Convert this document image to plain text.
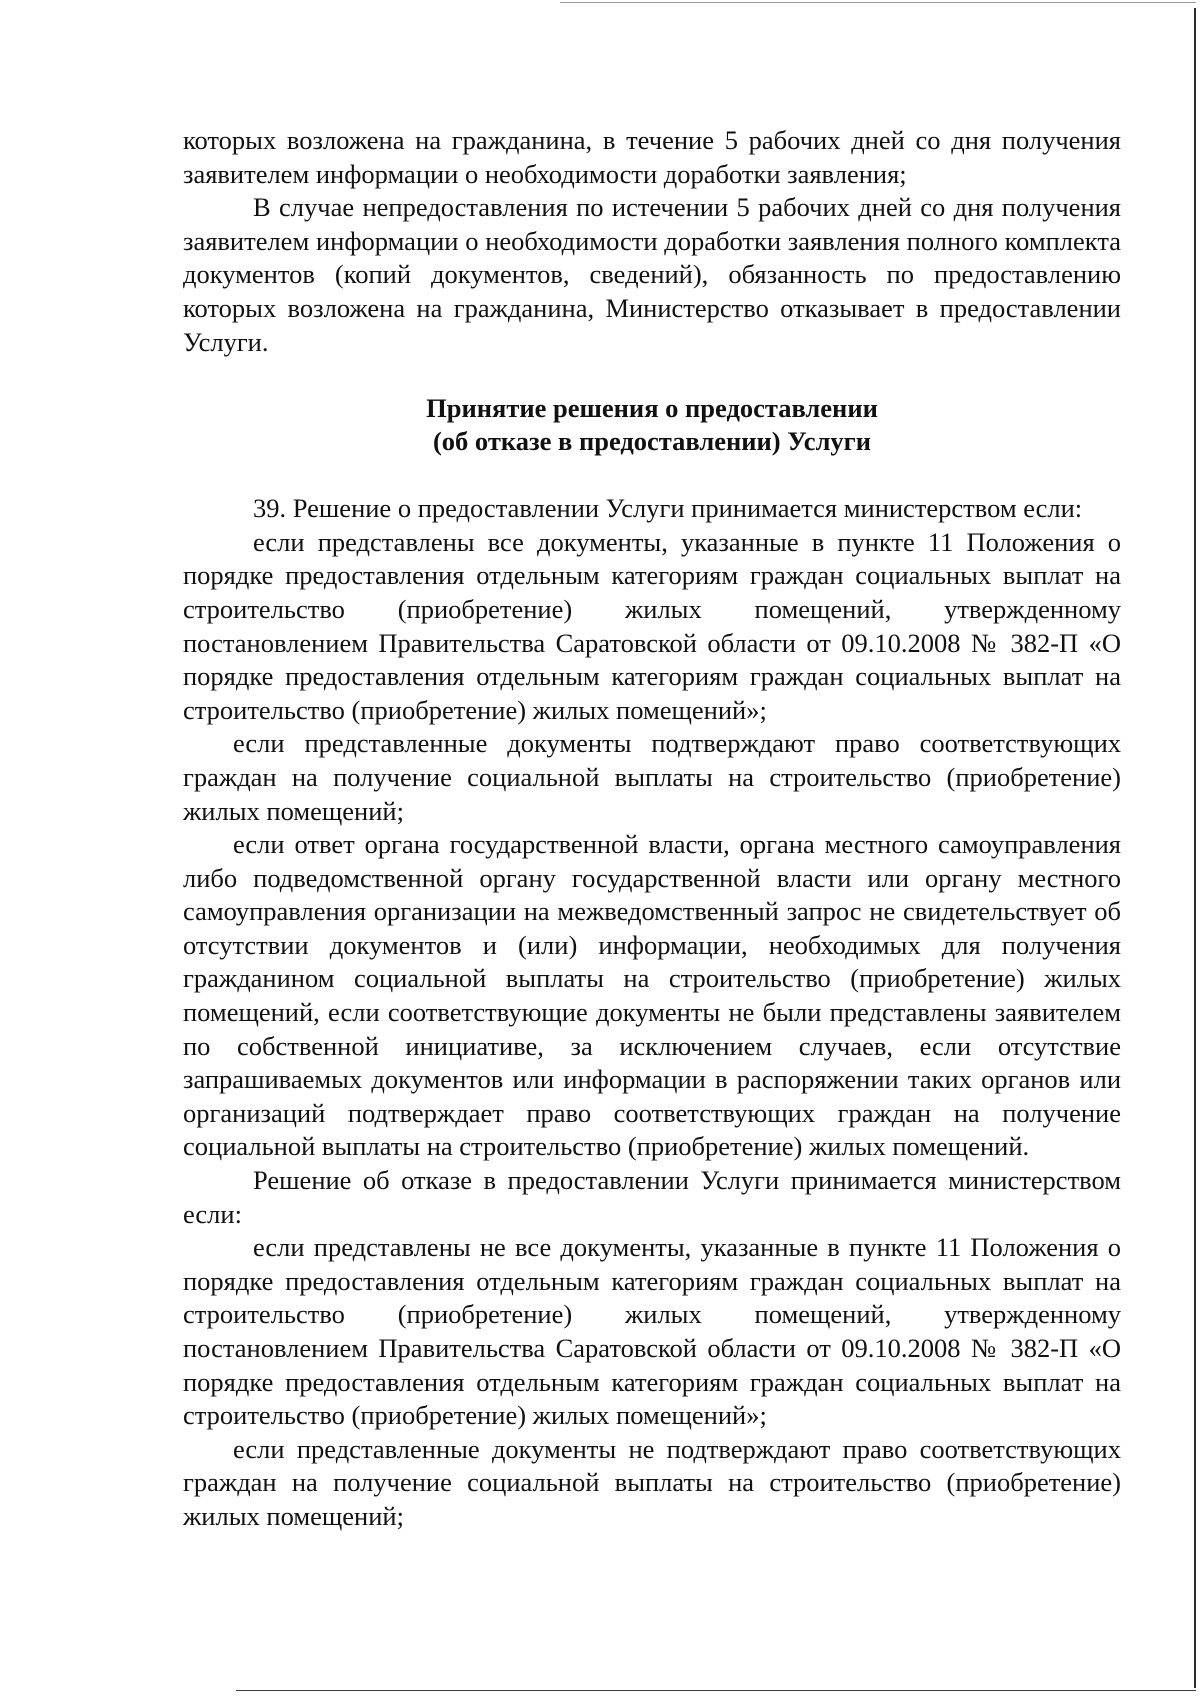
которых возложена на гражданина, в течение 5 рабочих дней со дня получения заявителем информации о необходимости доработки заявления;

В случае непредоставления по истечении 5 рабочих дней со дня получения заявителем информации о необходимости доработки заявления полного комплекта документов (копий документов, сведений), обязанность по предоставлению которых возложена на гражданина, Министерство отказывает в предоставлении Услуги.

Принятие решения о предоставлении
(об отказе в предоставлении) Услуги

39. Решение о предоставлении Услуги принимается министерством если:

если представлены все документы, указанные в пункте 11 Положения о порядке предоставления отдельным категориям граждан социальных выплат на строительство (приобретение) жилых помещений, утвержденному постановлением Правительства Саратовской области от 09.10.2008 № 382-П «О порядке предоставления отдельным категориям граждан социальных выплат на строительство (приобретение) жилых помещений»;

если представленные документы подтверждают право соответствующих граждан на получение социальной выплаты на строительство (приобретение) жилых помещений;

если ответ органа государственной власти, органа местного самоуправления либо подведомственной органу государственной власти или органу местного самоуправления организации на межведомственный запрос не свидетельствует об отсутствии документов и (или) информации, необходимых для получения гражданином социальной выплаты на строительство (приобретение) жилых помещений, если соответствующие документы не были представлены заявителем по собственной инициативе, за исключением случаев, если отсутствие запрашиваемых документов или информации в распоряжении таких органов или организаций подтверждает право соответствующих граждан на получение социальной выплаты на строительство (приобретение) жилых помещений.

Решение об отказе в предоставлении Услуги принимается министерством если:

если представлены не все документы, указанные в пункте 11 Положения о порядке предоставления отдельным категориям граждан социальных выплат на строительство (приобретение) жилых помещений, утвержденному постановлением Правительства Саратовской области от 09.10.2008 № 382-П «О порядке предоставления отдельным категориям граждан социальных выплат на строительство (приобретение) жилых помещений»;

если представленные документы не подтверждают право соответствующих граждан на получение социальной выплаты на строительство (приобретение) жилых помещений;
